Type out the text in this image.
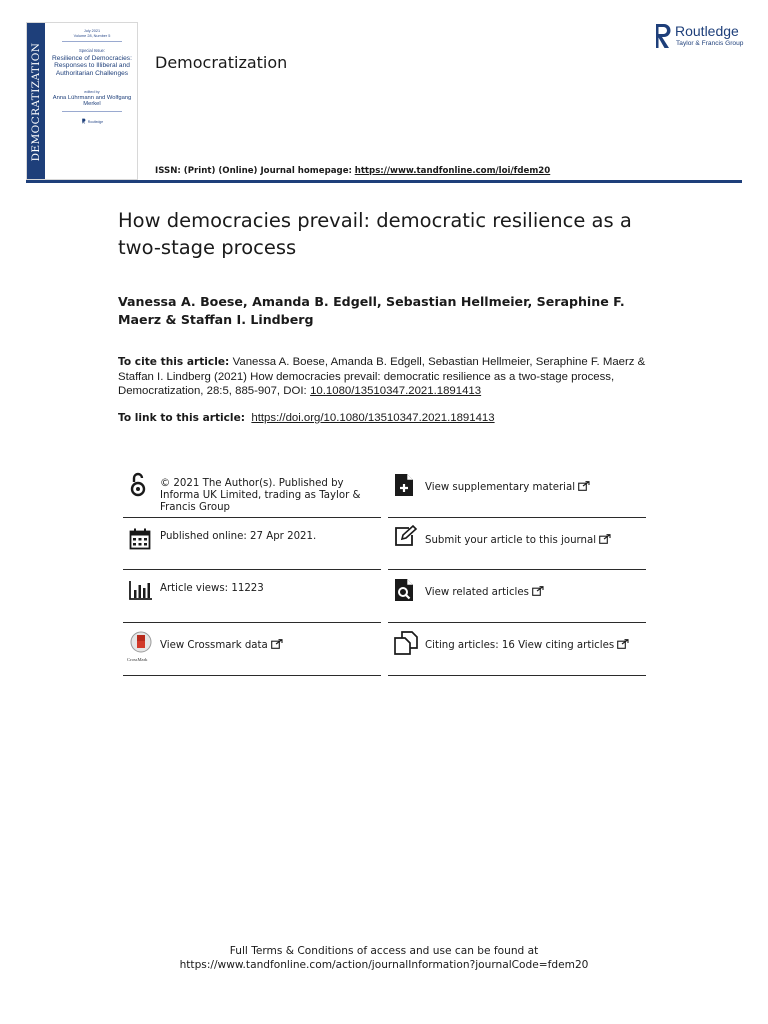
DEMOCRATIZATION
July 2021
Volume 28, Number 5
Special Issue:
Resilience of Democracies: Responses to Illiberal and Authoritarian Challenges
edited by
Anna Lührmann and Wolfgang Merkel
Routledge
Democratization
Routledge
Taylor & Francis Group
ISSN: (Print) (Online) Journal homepage: https://www.tandfonline.com/loi/fdem20
How democracies prevail: democratic resilience as a two-stage process
Vanessa A. Boese, Amanda B. Edgell, Sebastian Hellmeier, Seraphine F. Maerz & Staffan I. Lindberg
To cite this article: Vanessa A. Boese, Amanda B. Edgell, Sebastian Hellmeier, Seraphine F. Maerz & Staffan I. Lindberg (2021) How democracies prevail: democratic resilience as a two-stage process, Democratization, 28:5, 885-907, DOI: 10.1080/13510347.2021.1891413
To link to this article: https://doi.org/10.1080/13510347.2021.1891413
© 2021 The Author(s). Published by Informa UK Limited, trading as Taylor & Francis Group
Published online: 27 Apr 2021.
Article views: 11223
CrossMark
View Crossmark data
View supplementary material
Submit your article to this journal
View related articles
Citing articles: 16 View citing articles
Full Terms & Conditions of access and use can be found at
https://www.tandfonline.com/action/journalInformation?journalCode=fdem20
